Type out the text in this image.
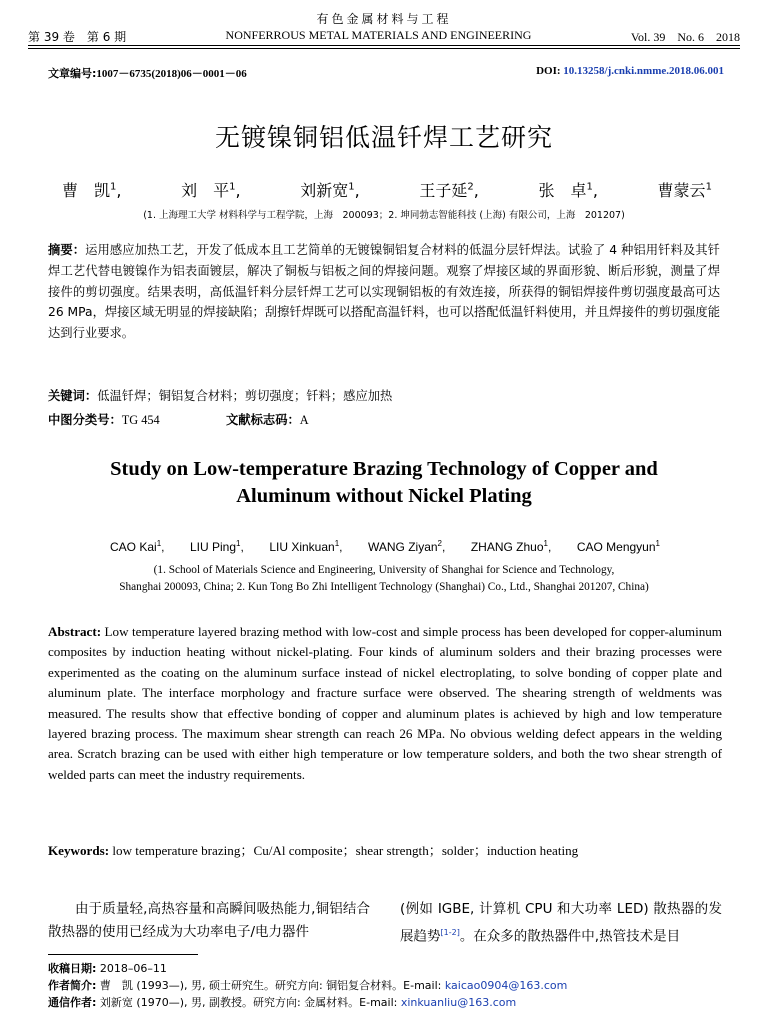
有色金属材料与工程
第 39 卷　第 6 期	NONFERROUS METAL MATERIALS AND ENGINEERING	Vol. 39　No. 6　2018
文章编号:1007－6735(2018)06－0001－06	DOI: 10.13258/j.cnki.nmme.2018.06.001
无镀镍铜铝低温钎焊工艺研究
曹　凯$^1$,	刘　平$^1$,	刘新宽$^1$,	王子延$^2$,	张　卓$^1$,	曹蒙云$^1$
(1. 上海理工大学 材料科学与工程学院，上海　200093；2. 坤同勃志智能科技 (上海) 有限公司，上海　201207)
摘要：运用感应加热工艺，开发了低成本且工艺简单的无镀镍铜铝复合材料的低温分层钎焊法。试验了 4 种铝用钎料及其钎焊工艺代替电镀镍作为铝表面镀层，解决了铜板与铝板之间的焊接问题。观察了焊接区域的界面形貌、断后形貌，测量了焊接件的剪切强度。结果表明，高低温钎料分层钎焊工艺可以实现铜铝板的有效连接，所获得的铜铝焊接件剪切强度最高可达 26 MPa，焊接区域无明显的焊接缺陷；刮擦钎焊既可以搭配高温钎料，也可以搭配低温钎料使用，并且焊接件的剪切强度能达到行业要求。
关键词：低温钎焊；铜铝复合材料；剪切强度；钎料；感应加热
中图分类号：TG 454	文献标志码：A
Study on Low-temperature Brazing Technology of Copper and
Aluminum without Nickel Plating
CAO Kai$^1$, LIU Ping$^1$, LIU Xinkuan$^1$, WANG Ziyan$^2$, ZHANG Zhuo$^1$, CAO Mengyun$^1$
(1. School of Materials Science and Engineering, University of Shanghai for Science and Technology,
Shanghai 200093, China; 2. Kun Tong Bo Zhi Intelligent Technology (Shanghai) Co., Ltd., Shanghai 201207, China)
Abstract: Low temperature layered brazing method with low-cost and simple process has been developed for copper-aluminum composites by induction heating without nickel-plating. Four kinds of aluminum solders and their brazing processes were experimented as the coating on the aluminum surface instead of nickel electroplating, to solve bonding of copper plate and aluminum plate. The interface morphology and fracture surface were observed. The shearing strength of weldments was measured. The results show that effective bonding of copper and aluminum plates is achieved by high and low temperature layered brazing process. The maximum shear strength can reach 26 MPa. No obvious welding defect appears in the welding area. Scratch brazing can be used with either high temperature or low temperature solders, and both the two shear strength of welded parts can meet the industry requirements.
Keywords: low temperature brazing；Cu/Al composite；shear strength；solder；induction heating
由于质量轻,高热容量和高瞬间吸热能力,铜铝结合散热器的使用已经成为大功率电子/电力器件
(例如 IGBE, 计算机 CPU 和大功率 LED) 散热器的发展趋势[1-2]。在众多的散热器件中,热管技术是目
收稿日期: 2018–06–11
作者简介: 曹　凯 (1993—), 男, 硕士研究生。研究方向: 铜铝复合材料。E-mail: kaicao0904@163.com
通信作者: 刘新宽 (1970—), 男, 副教授。研究方向: 金属材料。E-mail: xinkuanliu@163.com
